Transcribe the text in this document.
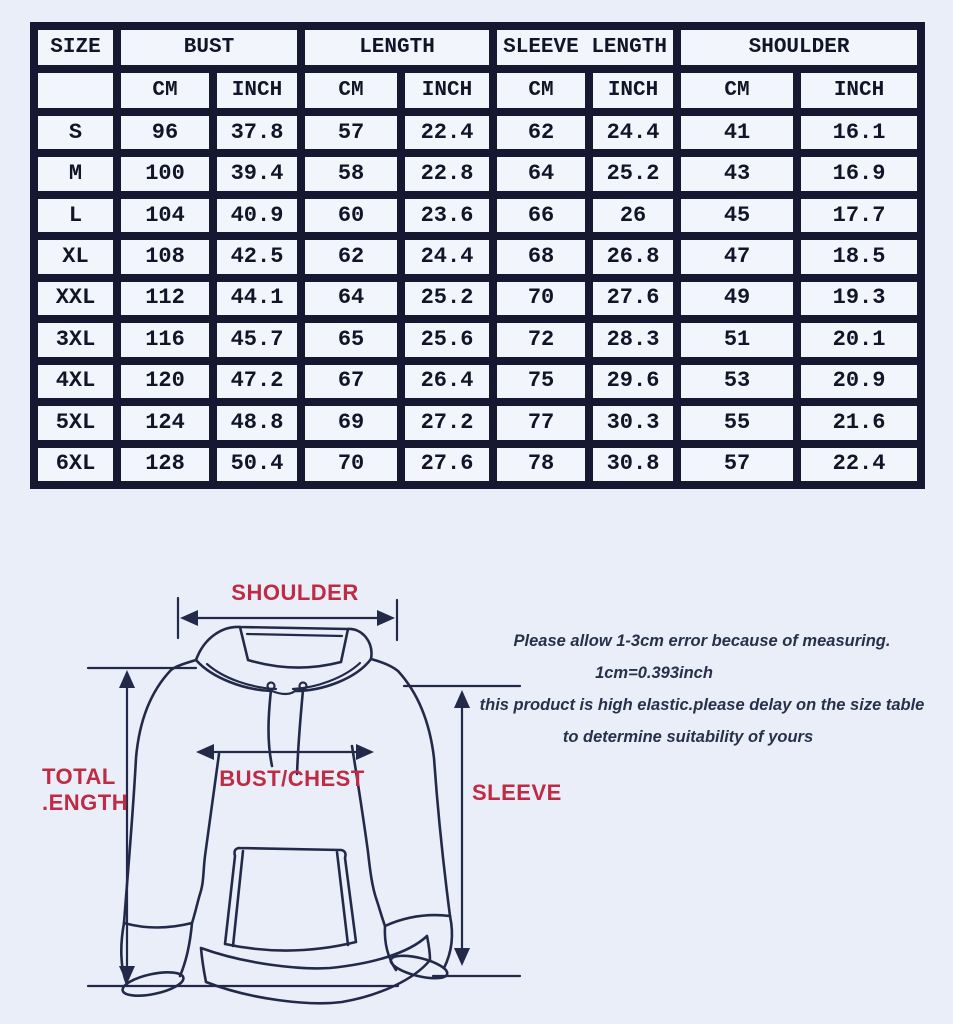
SIZE	BUST		LENGTH		SLEEVE LENGTH		SHOULDER	
	CM	INCH	CM	INCH	CM	INCH	CM	INCH
S	96	37.8	57	22.4	62	24.4	41	16.1
M	100	39.4	58	22.8	64	25.2	43	16.9
L	104	40.9	60	23.6	66	26	45	17.7
XL	108	42.5	62	24.4	68	26.8	47	18.5
XXL	112	44.1	64	25.2	70	27.6	49	19.3
3XL	116	45.7	65	25.6	72	28.3	51	20.1
4XL	120	47.2	67	26.4	75	29.6	53	20.9
5XL	124	48.8	69	27.2	77	30.3	55	21.6
6XL	128	50.4	70	27.6	78	30.8	57	22.4
SHOULDER
TOTAL
.ENGTH
BUST/CHEST
SLEEVE
Please allow 1-3cm error because of measuring.
1cm=0.393inch
this product is high elastic.please delay on the size table
to determine suitability of yours
